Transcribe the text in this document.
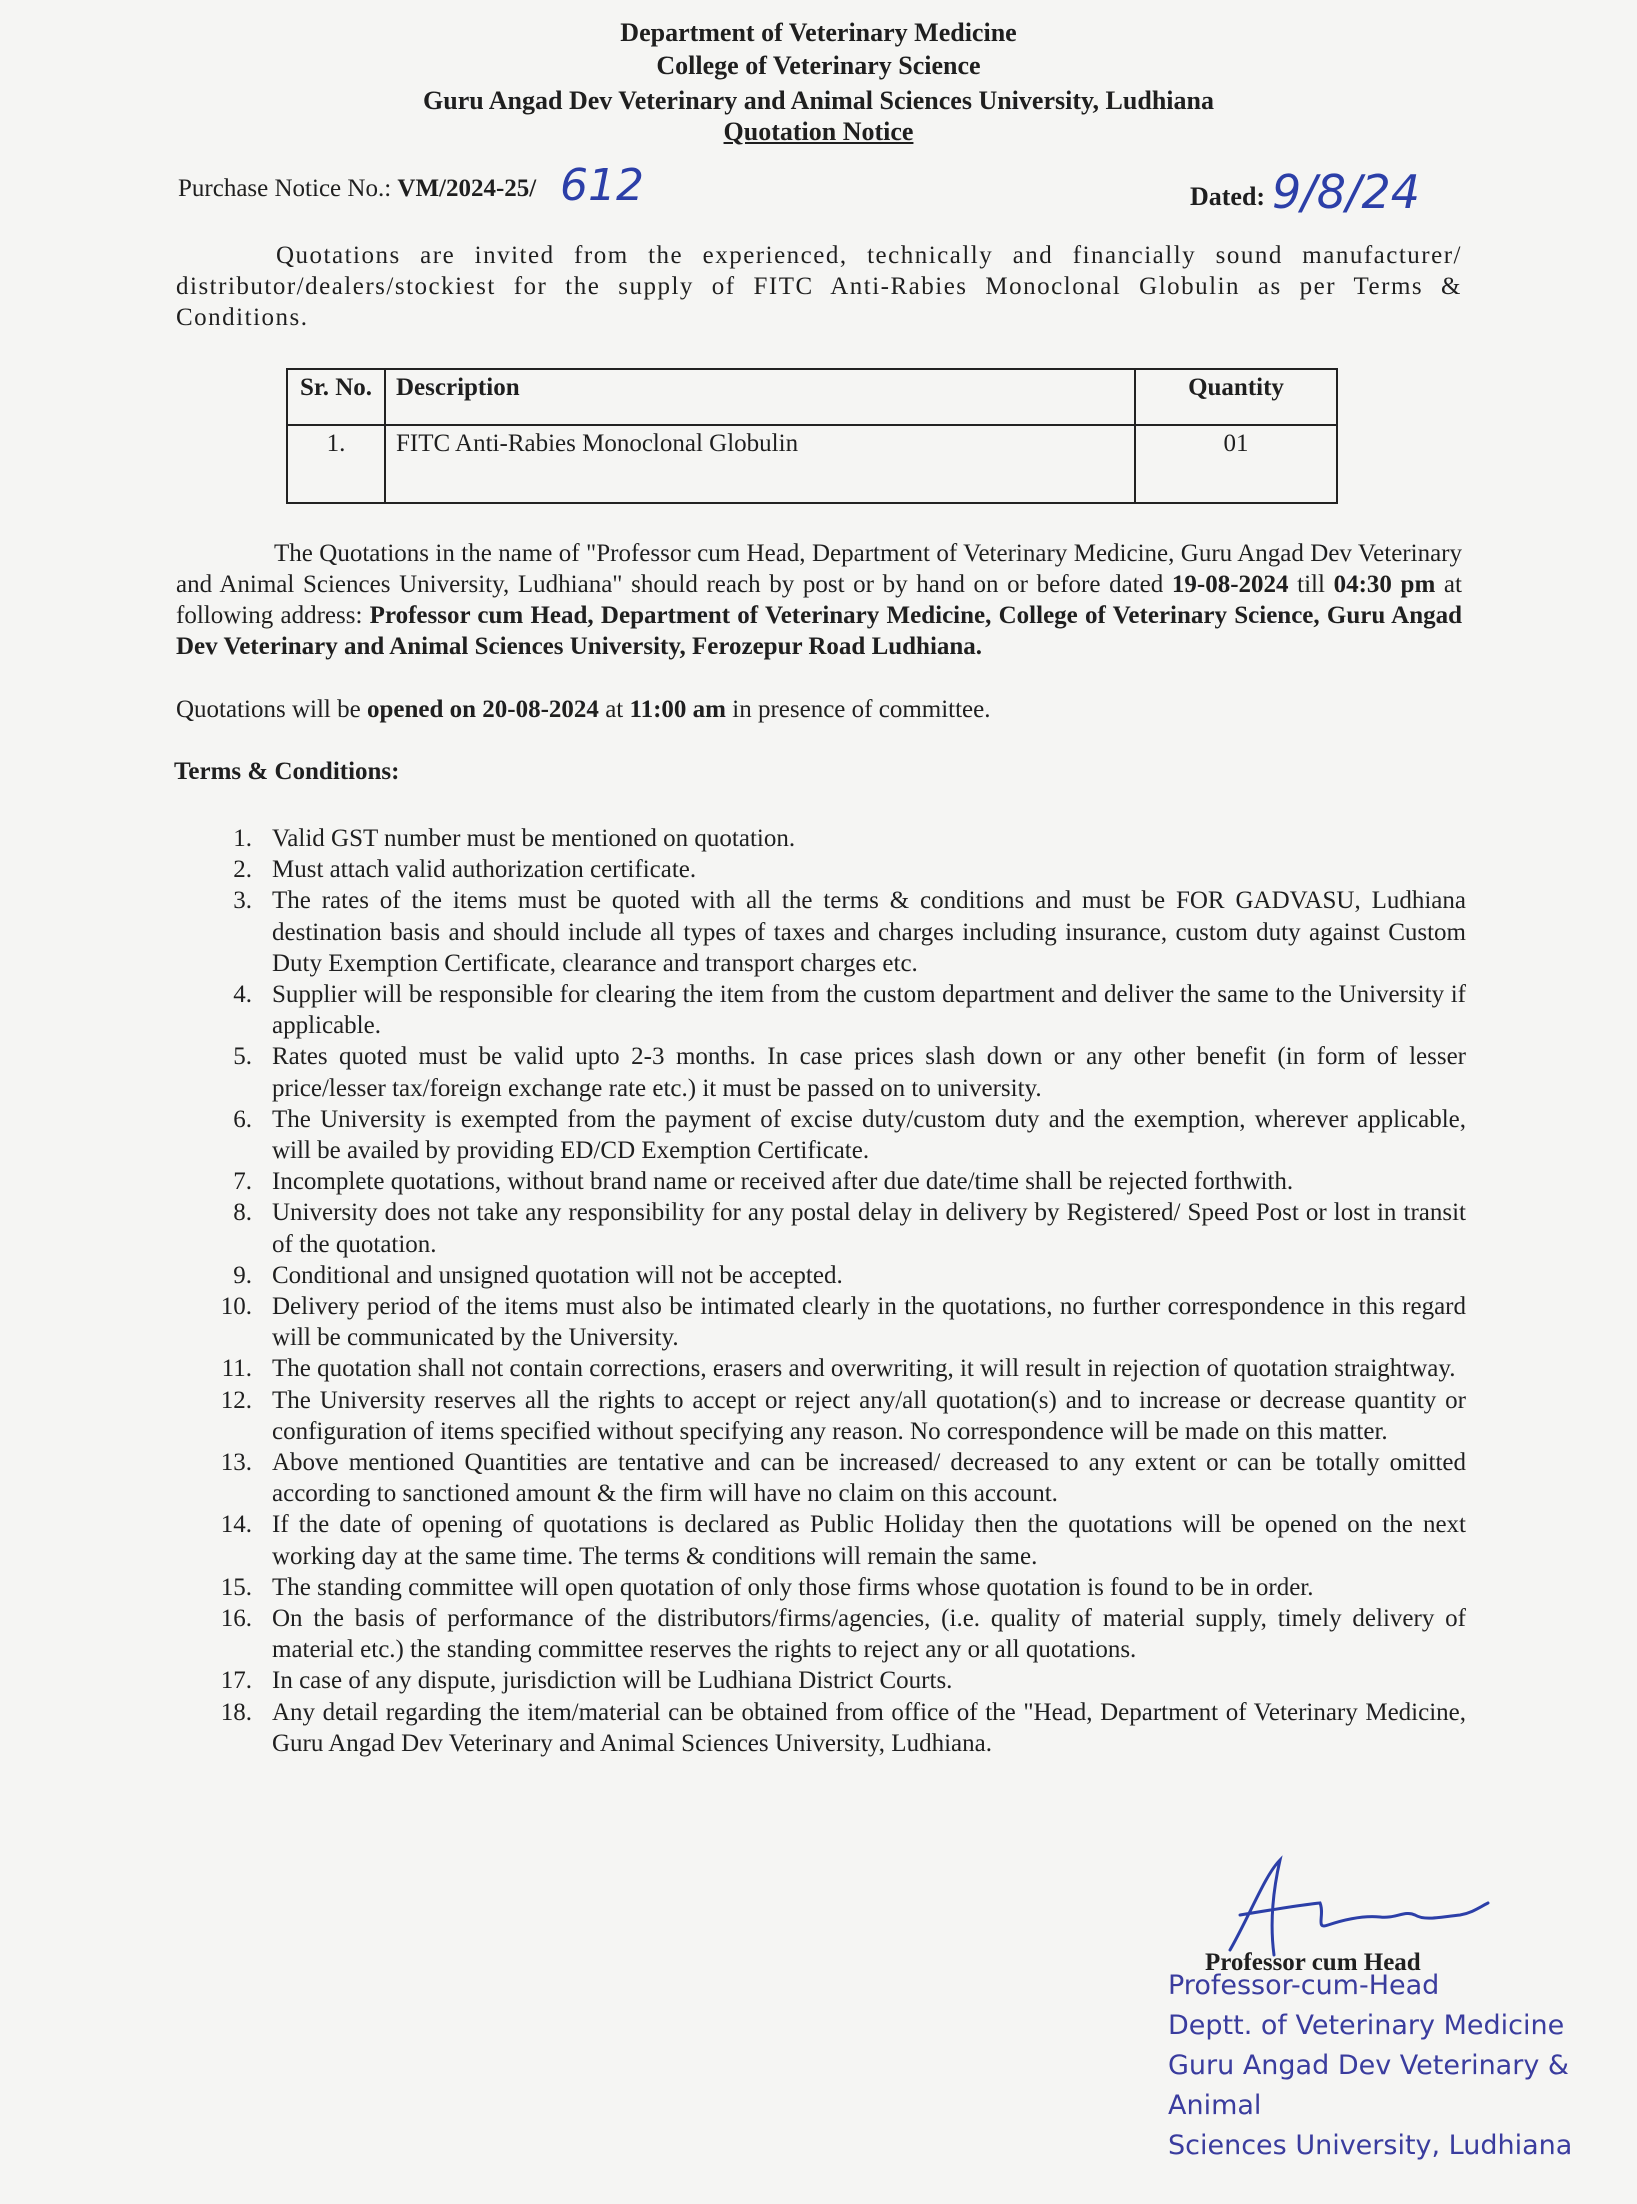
Department of Veterinary Medicine
College of Veterinary Science
Guru Angad Dev Veterinary and Animal Sciences University, Ludhiana
Quotation Notice
Purchase Notice No.: VM/2024-25/ 612	Dated: 9/8/24
Quotations are invited from the experienced, technically and financially sound manufacturer/ distributor/dealers/stockiest for the supply of FITC Anti-Rabies Monoclonal Globulin as per Terms & Conditions.
Sr. No.	Description	Quantity
1.	FITC Anti-Rabies Monoclonal Globulin	01
The Quotations in the name of "Professor cum Head, Department of Veterinary Medicine, Guru Angad Dev Veterinary and Animal Sciences University, Ludhiana" should reach by post or by hand on or before dated 19-08-2024 till 04:30 pm at following address: Professor cum Head, Department of Veterinary Medicine, College of Veterinary Science, Guru Angad Dev Veterinary and Animal Sciences University, Ferozepur Road Ludhiana.
Quotations will be opened on 20-08-2024 at 11:00 am in presence of committee.
Terms & Conditions:
1. Valid GST number must be mentioned on quotation.
2. Must attach valid authorization certificate.
3. The rates of the items must be quoted with all the terms & conditions and must be FOR GADVASU, Ludhiana destination basis and should include all types of taxes and charges including insurance, custom duty against Custom Duty Exemption Certificate, clearance and transport charges etc.
4. Supplier will be responsible for clearing the item from the custom department and deliver the same to the University if applicable.
5. Rates quoted must be valid upto 2-3 months. In case prices slash down or any other benefit (in form of lesser price/lesser tax/foreign exchange rate etc.) it must be passed on to university.
6. The University is exempted from the payment of excise duty/custom duty and the exemption, wherever applicable, will be availed by providing ED/CD Exemption Certificate.
7. Incomplete quotations, without brand name or received after due date/time shall be rejected forthwith.
8. University does not take any responsibility for any postal delay in delivery by Registered/ Speed Post or lost in transit of the quotation.
9. Conditional and unsigned quotation will not be accepted.
10. Delivery period of the items must also be intimated clearly in the quotations, no further correspondence in this regard will be communicated by the University.
11. The quotation shall not contain corrections, erasers and overwriting, it will result in rejection of quotation straightway.
12. The University reserves all the rights to accept or reject any/all quotation(s) and to increase or decrease quantity or configuration of items specified without specifying any reason. No correspondence will be made on this matter.
13. Above mentioned Quantities are tentative and can be increased/ decreased to any extent or can be totally omitted according to sanctioned amount & the firm will have no claim on this account.
14. If the date of opening of quotations is declared as Public Holiday then the quotations will be opened on the next working day at the same time. The terms & conditions will remain the same.
15. The standing committee will open quotation of only those firms whose quotation is found to be in order.
16. On the basis of performance of the distributors/firms/agencies, (i.e. quality of material supply, timely delivery of material etc.) the standing committee reserves the rights to reject any or all quotations.
17. In case of any dispute, jurisdiction will be Ludhiana District Courts.
18. Any detail regarding the item/material can be obtained from office of the "Head, Department of Veterinary Medicine, Guru Angad Dev Veterinary and Animal Sciences University, Ludhiana.
Professor cum Head
Professor-cum-Head
Deptt. of Veterinary Medicine
Guru Angad Dev Veterinary & Animal
Sciences University, Ludhiana
